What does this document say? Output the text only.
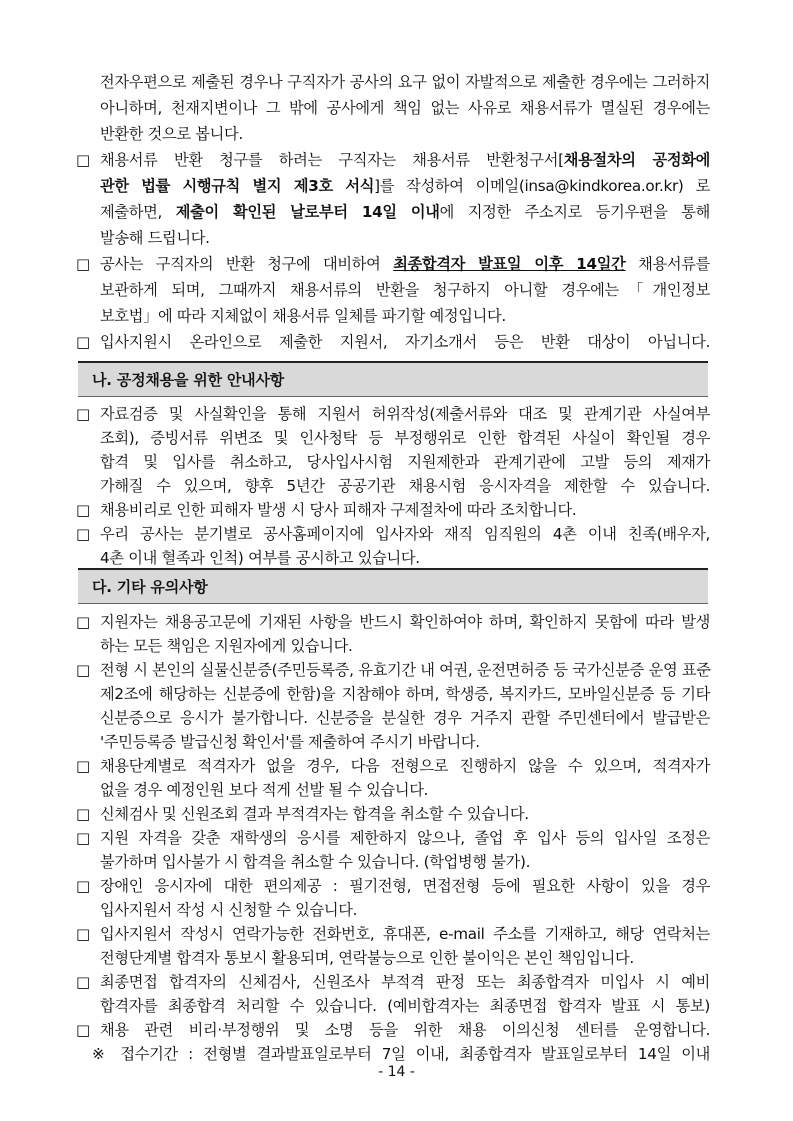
전자우편으로 제출된 경우나 구직자가 공사의 요구 없이 자발적으로 제출한 경우에는 그러하지
아니하며, 천재지변이나 그 밖에 공사에게 책임 없는 사유로 채용서류가 멸실된 경우에는
반환한 것으로 봅니다.
□ 채용서류 반환 청구를 하려는 구직자는 채용서류 반환청구서[채용절차의 공정화에
관한 법률 시행규칙 별지 제3호 서식]를 작성하여 이메일(insa@kindkorea.or.kr) 로
제출하면, 제출이 확인된 날로부터 14일 이내에 지정한 주소지로 등기우편을 통해
발송해 드립니다.
□ 공사는 구직자의 반환 청구에 대비하여 최종합격자 발표일 이후 14일간 채용서류를
보관하게 되며, 그때까지 채용서류의 반환을 청구하지 아니할 경우에는「개인정보
보호법」에 따라 지체없이 채용서류 일체를 파기할 예정입니다.
□ 입사지원시 온라인으로 제출한 지원서, 자기소개서 등은 반환 대상이 아닙니다.
나. 공정채용을 위한 안내사항
□ 자료검증 및 사실확인을 통해 지원서 허위작성(제출서류와 대조 및 관계기관 사실여부
조회), 증빙서류 위변조 및 인사청탁 등 부정행위로 인한 합격된 사실이 확인될 경우
합격 및 입사를 취소하고, 당사입사시험 지원제한과 관계기관에 고발 등의 제재가
가해질 수 있으며, 향후 5년간 공공기관 채용시험 응시자격을 제한할 수 있습니다.
□ 채용비리로 인한 피해자 발생 시 당사 피해자 구제절차에 따라 조치합니다.
□ 우리 공사는 분기별로 공사홈페이지에 입사자와 재직 임직원의 4촌 이내 친족(배우자,
4촌 이내 혈족과 인척) 여부를 공시하고 있습니다.
다. 기타 유의사항
□ 지원자는 채용공고문에 기재된 사항을 반드시 확인하여야 하며, 확인하지 못함에 따라 발생
하는 모든 책임은 지원자에게 있습니다.
□ 전형 시 본인의 실물신분증(주민등록증, 유효기간 내 여권, 운전면허증 등 국가신분증 운영 표준
제2조에 해당하는 신분증에 한함)을 지참해야 하며, 학생증, 복지카드, 모바일신분증 등 기타
신분증으로 응시가 불가합니다. 신분증을 분실한 경우 거주지 관할 주민센터에서 발급받은
'주민등록증 발급신청 확인서'를 제출하여 주시기 바랍니다.
□ 채용단계별로 적격자가 없을 경우, 다음 전형으로 진행하지 않을 수 있으며, 적격자가
없을 경우 예정인원 보다 적게 선발 될 수 있습니다.
□ 신체검사 및 신원조회 결과 부적격자는 합격을 취소할 수 있습니다.
□ 지원 자격을 갖춘 재학생의 응시를 제한하지 않으나, 졸업 후 입사 등의 입사일 조정은
불가하며 입사불가 시 합격을 취소할 수 있습니다. (학업병행 불가).
□ 장애인 응시자에 대한 편의제공 : 필기전형, 면접전형 등에 필요한 사항이 있을 경우
입사지원서 작성 시 신청할 수 있습니다.
□ 입사지원서 작성시 연락가능한 전화번호, 휴대폰, e-mail 주소를 기재하고, 해당 연락처는
전형단계별 합격자 통보시 활용되며, 연락불능으로 인한 불이익은 본인 책임입니다.
□ 최종면접 합격자의 신체검사, 신원조사 부적격 판정 또는 최종합격자 미입사 시 예비
합격자를 최종합격 처리할 수 있습니다. (예비합격자는 최종면접 합격자 발표 시 통보)
□ 채용 관련 비리·부정행위 및 소명 등을 위한 채용 이의신청 센터를 운영합니다.
※ 접수기간 : 전형별 결과발표일로부터 7일 이내, 최종합격자 발표일로부터 14일 이내
- 14 -
